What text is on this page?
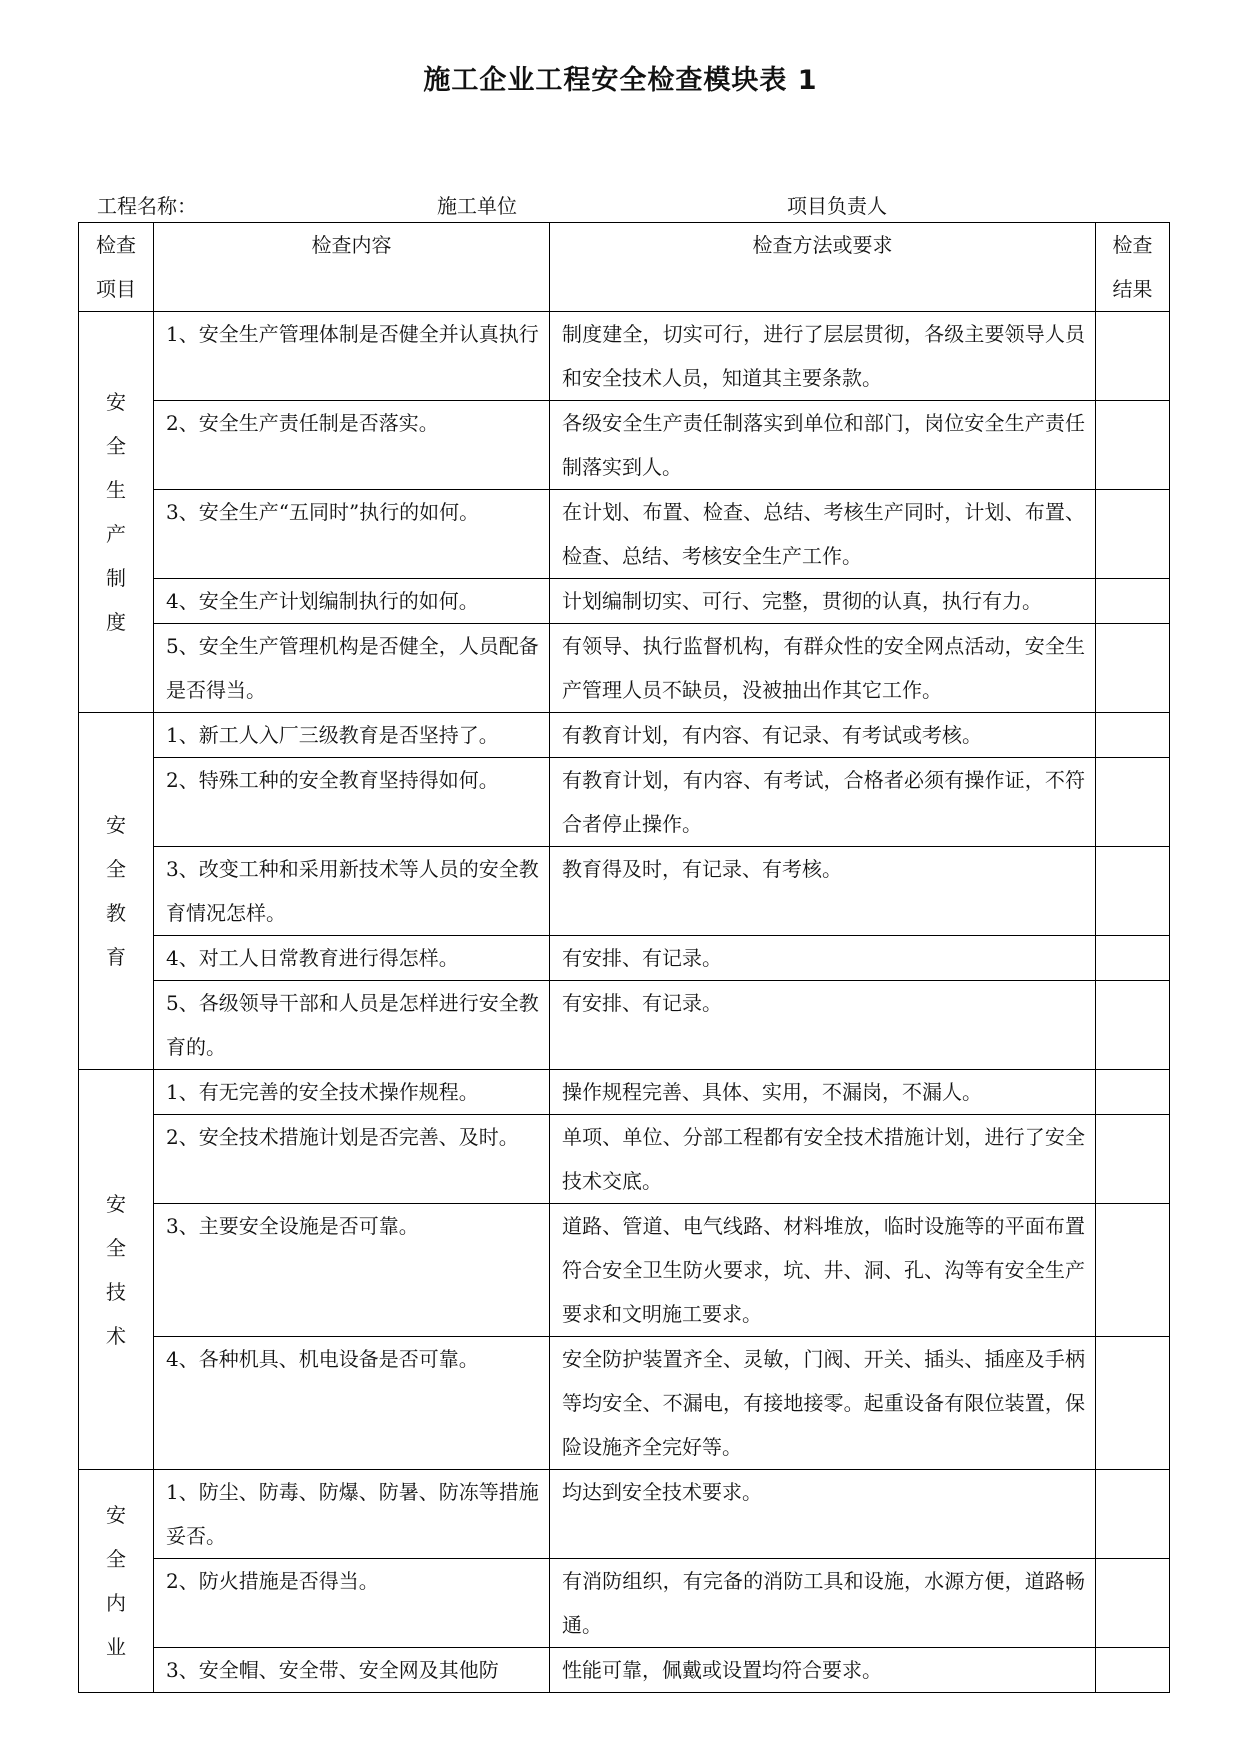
施工企业工程安全检查模块表 1
工程名称：	施工单位	项目负责人
检查项目	检查内容	检查方法或要求	检查结果
安全生产制度	1、安全生产管理体制是否健全并认真执行	制度建全，切实可行，进行了层层贯彻，各级主要领导人员和安全技术人员，知道其主要条款。	
	2、安全生产责任制是否落实。	各级安全生产责任制落实到单位和部门，岗位安全生产责任制落实到人。	
	3、安全生产“五同时”执行的如何。	在计划、布置、检查、总结、考核生产同时，计划、布置、检查、总结、考核安全生产工作。	
	4、安全生产计划编制执行的如何。	计划编制切实、可行、完整，贯彻的认真，执行有力。	
	5、安全生产管理机构是否健全，人员配备是否得当。	有领导、执行监督机构，有群众性的安全网点活动，安全生产管理人员不缺员，没被抽出作其它工作。	
安全教育	1、新工人入厂三级教育是否坚持了。	有教育计划，有内容、有记录、有考试或考核。	
	2、特殊工种的安全教育坚持得如何。	有教育计划，有内容、有考试，合格者必须有操作证，不符合者停止操作。	
	3、改变工种和采用新技术等人员的安全教育情况怎样。	教育得及时，有记录、有考核。	
	4、对工人日常教育进行得怎样。	有安排、有记录。	
	5、各级领导干部和人员是怎样进行安全教育的。	有安排、有记录。	
安全技术	1、有无完善的安全技术操作规程。	操作规程完善、具体、实用，不漏岗，不漏人。	
	2、安全技术措施计划是否完善、及时。	单项、单位、分部工程都有安全技术措施计划，进行了安全技术交底。	
	3、主要安全设施是否可靠。	道路、管道、电气线路、材料堆放，临时设施等的平面布置符合安全卫生防火要求，坑、井、洞、孔、沟等有安全生产要求和文明施工要求。	
	4、各种机具、机电设备是否可靠。	安全防护装置齐全、灵敏，门阀、开关、插头、插座及手柄等均安全、不漏电，有接地接零。起重设备有限位装置，保险设施齐全完好等。	
安全内业	1、防尘、防毒、防爆、防暑、防冻等措施妥否。	均达到安全技术要求。	
	2、防火措施是否得当。	有消防组织，有完备的消防工具和设施，水源方便，道路畅通。	
	3、安全帽、安全带、安全网及其他防	性能可靠，佩戴或设置均符合要求。	
